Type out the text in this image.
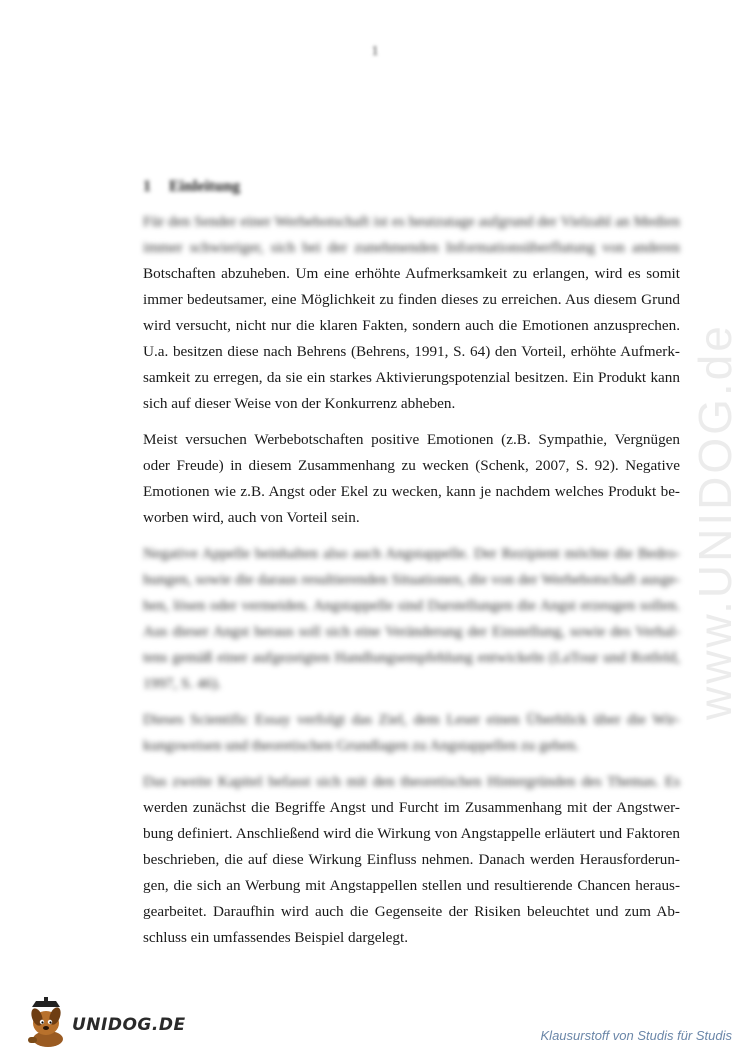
1
1 Einleitung
Für den Sender einer Werbebotschaft ist es heutzutage aufgrund der Vielzahl an Medien
immer schwieriger, sich bei der zunehmenden Informationsüberflutung von anderen
Botschaften abzuheben. Um eine erhöhte Aufmerksamkeit zu erlangen, wird es somit
immer bedeutsamer, eine Möglichkeit zu finden dieses zu erreichen. Aus diesem Grund
wird versucht, nicht nur die klaren Fakten, sondern auch die Emotionen anzusprechen.
U.a. besitzen diese nach Behrens (Behrens, 1991, S. 64) den Vorteil, erhöhte Aufmerk-
samkeit zu erregen, da sie ein starkes Aktivierungspotenzial besitzen. Ein Produkt kann
sich auf dieser Weise von der Konkurrenz abheben.
Meist versuchen Werbebotschaften positive Emotionen (z.B. Sympathie, Vergnügen
oder Freude) in diesem Zusammenhang zu wecken (Schenk, 2007, S. 92). Negative
Emotionen wie z.B. Angst oder Ekel zu wecken, kann je nachdem welches Produkt be-
worben wird, auch von Vorteil sein.
Negative Appelle beinhalten also auch Angstappelle. Der Rezipient möchte die Bedro-
hungen, sowie die daraus resultierenden Situationen, die von der Werbebotschaft ausge-
hen, lösen oder vermeiden. Angstappelle sind Darstellungen die Angst erzeugen sollen.
Aus dieser Angst heraus soll sich eine Veränderung der Einstellung, sowie des Verhal-
tens gemäß einer aufgezeigten Handlungsempfehlung entwickeln (LaTour und Rotfeld,
1997, S. 46).
Dieses Scientific Essay verfolgt das Ziel, dem Leser einen Überblick über die Wir-
kungsweisen und theoretischen Grundlagen zu Angstappellen zu geben.
Das zweite Kapitel befasst sich mit den theoretischen Hintergründen des Themas. Es
werden zunächst die Begriffe Angst und Furcht im Zusammenhang mit der Angstwer-
bung definiert. Anschließend wird die Wirkung von Angstappelle erläutert und Faktoren
beschrieben, die auf diese Wirkung Einfluss nehmen. Danach werden Herausforderun-
gen, die sich an Werbung mit Angstappellen stellen und resultierende Chancen heraus-
gearbeitet. Daraufhin wird auch die Gegenseite der Risiken beleuchtet und zum Ab-
schluss ein umfassendes Beispiel dargelegt.
www.UNIDOG.de
UNIDOG.DE
Klausurstoff von Studis für Studis
